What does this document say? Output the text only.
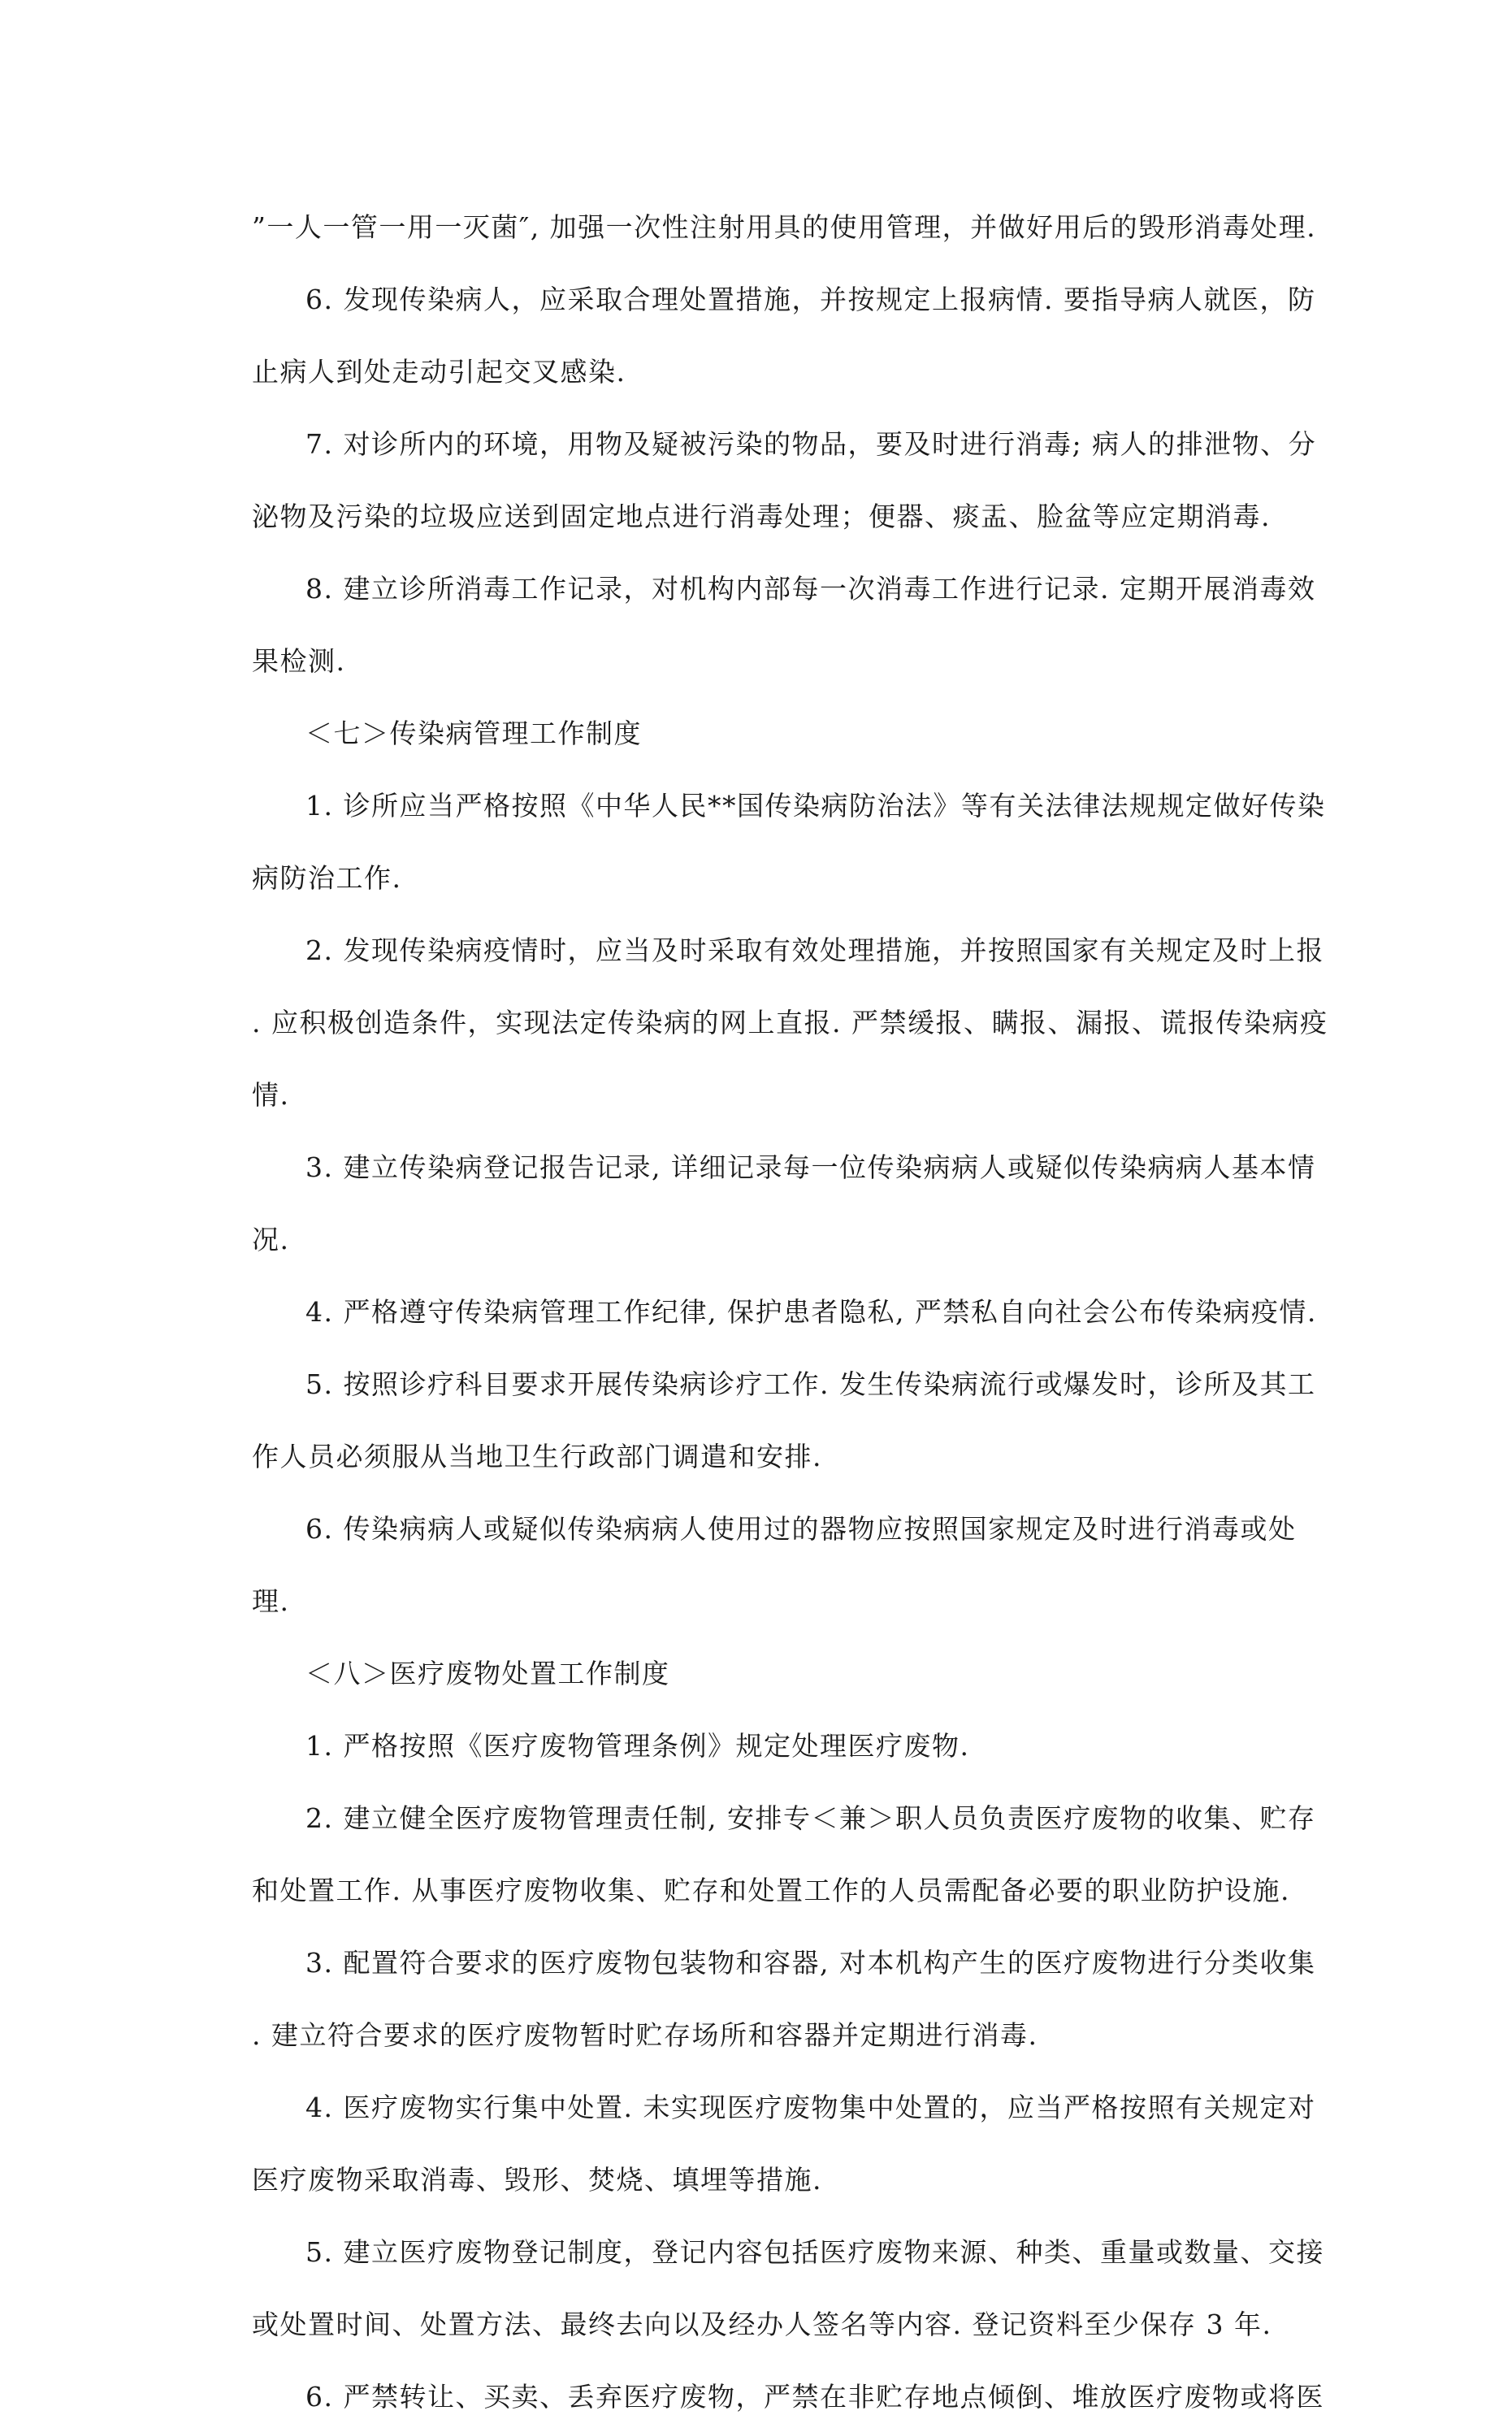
”一人一管一用一灭菌″, 加强一次性注射用具的使用管理，并做好用后的毁形消毒处理.
6. 发现传染病人，应采取合理处置措施，并按规定上报病情. 要指导病人就医，防
止病人到处走动引起交叉感染.
7. 对诊所内的环境，用物及疑被污染的物品，要及时进行消毒; 病人的排泄物、分
泌物及污染的垃圾应送到固定地点进行消毒处理；便器、痰盂、脸盆等应定期消毒.
8. 建立诊所消毒工作记录，对机构内部每一次消毒工作进行记录. 定期开展消毒效
果检测.
＜七＞传染病管理工作制度
1. 诊所应当严格按照《中华人民**国传染病防治法》等有关法律法规规定做好传染
病防治工作.
2. 发现传染病疫情时，应当及时采取有效处理措施，并按照国家有关规定及时上报
. 应积极创造条件，实现法定传染病的网上直报. 严禁缓报、瞒报、漏报、谎报传染病疫
情.
3. 建立传染病登记报告记录, 详细记录每一位传染病病人或疑似传染病病人基本情
况.
4. 严格遵守传染病管理工作纪律, 保护患者隐私, 严禁私自向社会公布传染病疫情.
5. 按照诊疗科目要求开展传染病诊疗工作. 发生传染病流行或爆发时，诊所及其工
作人员必须服从当地卫生行政部门调遣和安排.
6. 传染病病人或疑似传染病病人使用过的器物应按照国家规定及时进行消毒或处
理.
＜八＞医疗废物处置工作制度
1. 严格按照《医疗废物管理条例》规定处理医疗废物.
2. 建立健全医疗废物管理责任制, 安排专＜兼＞职人员负责医疗废物的收集、贮存
和处置工作. 从事医疗废物收集、贮存和处置工作的人员需配备必要的职业防护设施.
3. 配置符合要求的医疗废物包装物和容器, 对本机构产生的医疗废物进行分类收集
. 建立符合要求的医疗废物暂时贮存场所和容器并定期进行消毒.
4. 医疗废物实行集中处置. 未实现医疗废物集中处置的，应当严格按照有关规定对
医疗废物采取消毒、毁形、焚烧、填埋等措施.
5. 建立医疗废物登记制度，登记内容包括医疗废物来源、种类、重量或数量、交接
或处置时间、处置方法、最终去向以及经办人签名等内容. 登记资料至少保存 3 年.
6. 严禁转让、买卖、丢弃医疗废物，严禁在非贮存地点倾倒、堆放医疗废物或将医
